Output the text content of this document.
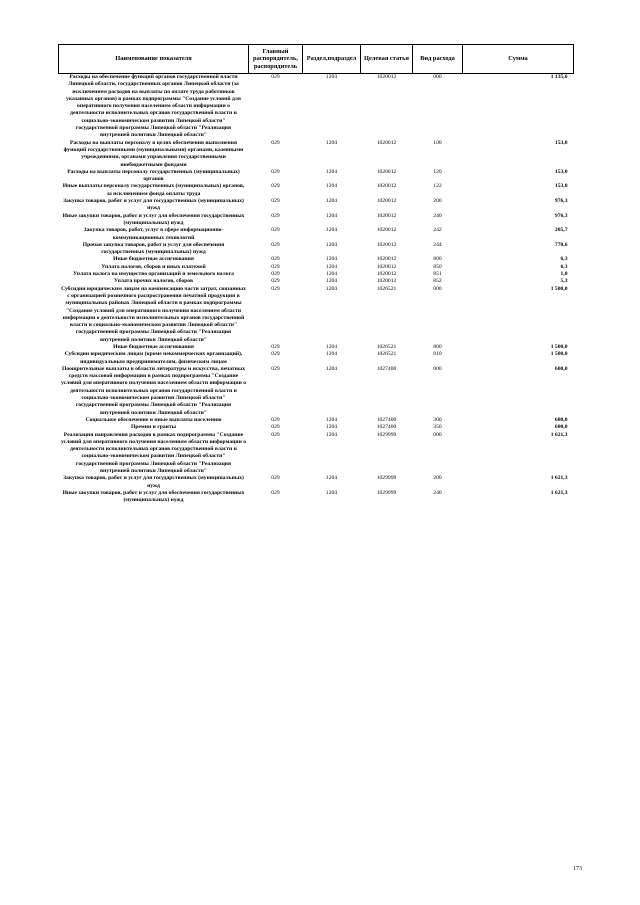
Наименование показателя	Главный распорядитель, распорядитель	Раздел,подраздел	Целевая статья	Вид расхода	Сумма
Расходы на обеспечение функций органов государственной власти Липецкой области, государственных органов Липецкой области (за исключением расходов на выплаты по оплате труда работников указанных органов) в рамках подпрограммы "Создание условий для оперативного получения населением области информации о деятельности исполнительных органов государственной власти и социально-экономическом развитии Липецкой области" государственной программы Липецкой области "Реализация внутренней политики Липецкой области"	029	1204	1020012	000	1 135,6
Расходы на выплаты персоналу в целях обеспечения выполнения функций государственными (муниципальными) органами, казенными учреждениями, органами управления государственными внебюджетными фондами	029	1204	1020012	100	153,0
Расходы на выплаты персоналу государственных (муниципальных) органов	029	1204	1020012	120	153,0
Иные выплаты персоналу государственных (муниципальных) органов, за исключением фонда оплаты труда	029	1204	1020012	122	153,0
Закупка товаров, работ и услуг для государственных (муниципальных) нужд	029	1204	1020012	200	976,3
Иные закупки товаров, работ и услуг для обеспечения государственных (муниципальных) нужд	029	1204	1020012	240	976,3
Закупка товаров, работ, услуг в сфере информационно-коммуникационных технологий	029	1204	1020012	242	205,7
Прочая закупка товаров, работ и услуг для обеспечения государственных (муниципальных) нужд	029	1204	1020012	244	770,6
Иные бюджетные ассигнования	029	1204	1020012	800	6,3
Уплата налогов, сборов и иных платежей	029	1204	1020012	850	6,3
Уплата налога на имущество организаций и земельного налога	029	1204	1020012	851	1,0
Уплата прочих налогов, сборов	029	1204	1020012	852	5,3
Субсидии юридическим лицам на компенсацию части затрат, связанных с организацией розничного распространения печатной продукции в муниципальных районах Липецкой области в рамках подпрограммы "Создание условий для оперативного получения населением области информации о деятельности исполнительных органов государственной власти и социально-экономическом развитии Липецкой области" государственной программы Липецкой области "Реализация внутренней политики Липецкой области"	029	1204	1026521	000	1 500,0
Иные бюджетные ассигнования	029	1204	1026521	800	1 500,0
Субсидии юридическим лицам (кроме некоммерческих организаций), индивидуальным предпринимателям, физическим лицам	029	1204	1026521	810	1 500,0
Поощрительные выплаты в области литературы и искусства, печатных средств массовой информации в рамках подпрограммы "Создание условий для оперативного получения населением области информации о деятельности исполнительных органов государственной власти и социально-экономическом развитии Липецкой области" государственной программы Липецкой области "Реализация внутренней политики Липецкой области"	029	1204	1027400	000	600,0
Социальное обеспечение и иные выплаты населению	029	1204	1027400	300	600,0
Премии и гранты	029	1204	1027400	350	600,0
Реализация направления расходов в рамках подпрограммы "Создание условий для оперативного получения населением области информации о деятельности исполнительных органов государственной власти и социально-экономическом развитии Липецкой области" государственной программы Липецкой области "Реализация внутренней политики Липецкой области"	029	1204	1029999	000	1 621,3
Закупка товаров, работ и услуг для государственных (муниципальных) нужд	029	1204	1029999	200	1 621,3
Иные закупки товаров, работ и услуг для обеспечения государственных (муниципальных) нужд	029	1204	1029999	240	1 621,3
173
